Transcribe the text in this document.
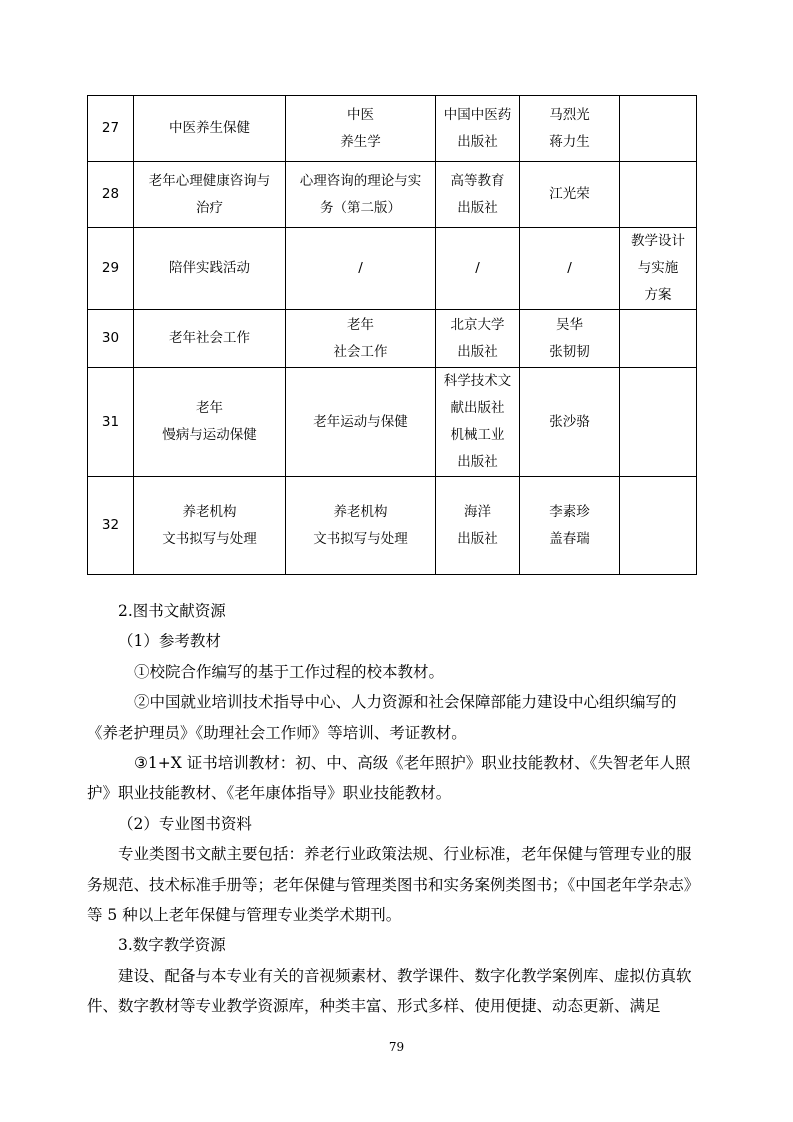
27	中医养生保健	中医
养生学	中国中医药
出版社	马烈光
蒋力生	

28	老年心理健康咨询与
治疗	心理咨询的理论与实
务（第二版）	高等教育
出版社	江光荣	

29	陪伴实践活动	/	/	/	教学设计
与实施
方案

30	老年社会工作	老年
社会工作	北京大学
出版社	吴华
张韧韧	

31	老年
慢病与运动保健	老年运动与保健	科学技术文
献出版社
机械工业
出版社	张沙骆	

32	养老机构
文书拟写与处理	养老机构
文书拟写与处理	海洋
出版社	李素珍
盖春瑞	

2.图书文献资源

（1）参考教材

①校院合作编写的基于工作过程的校本教材。

②中国就业培训技术指导中心、人力资源和社会保障部能力建设中心组织编写的

《养老护理员》《助理社会工作师》等培训、考证教材。

③1+X 证书培训教材：初、中、高级《老年照护》职业技能教材、《失智老年人照

护》职业技能教材、《老年康体指导》职业技能教材。

（2）专业图书资料

专业类图书文献主要包括：养老行业政策法规、行业标准，老年保健与管理专业的服务规范、技术标准手册等；老年保健与管理类图书和实务案例类图书；《中国老年学杂志》等 5 种以上老年保健与管理专业类学术期刊。

3.数字教学资源

建设、配备与本专业有关的音视频素材、教学课件、数字化教学案例库、虚拟仿真软件、数字教材等专业教学资源库，种类丰富、形式多样、使用便捷、动态更新、满足

79
